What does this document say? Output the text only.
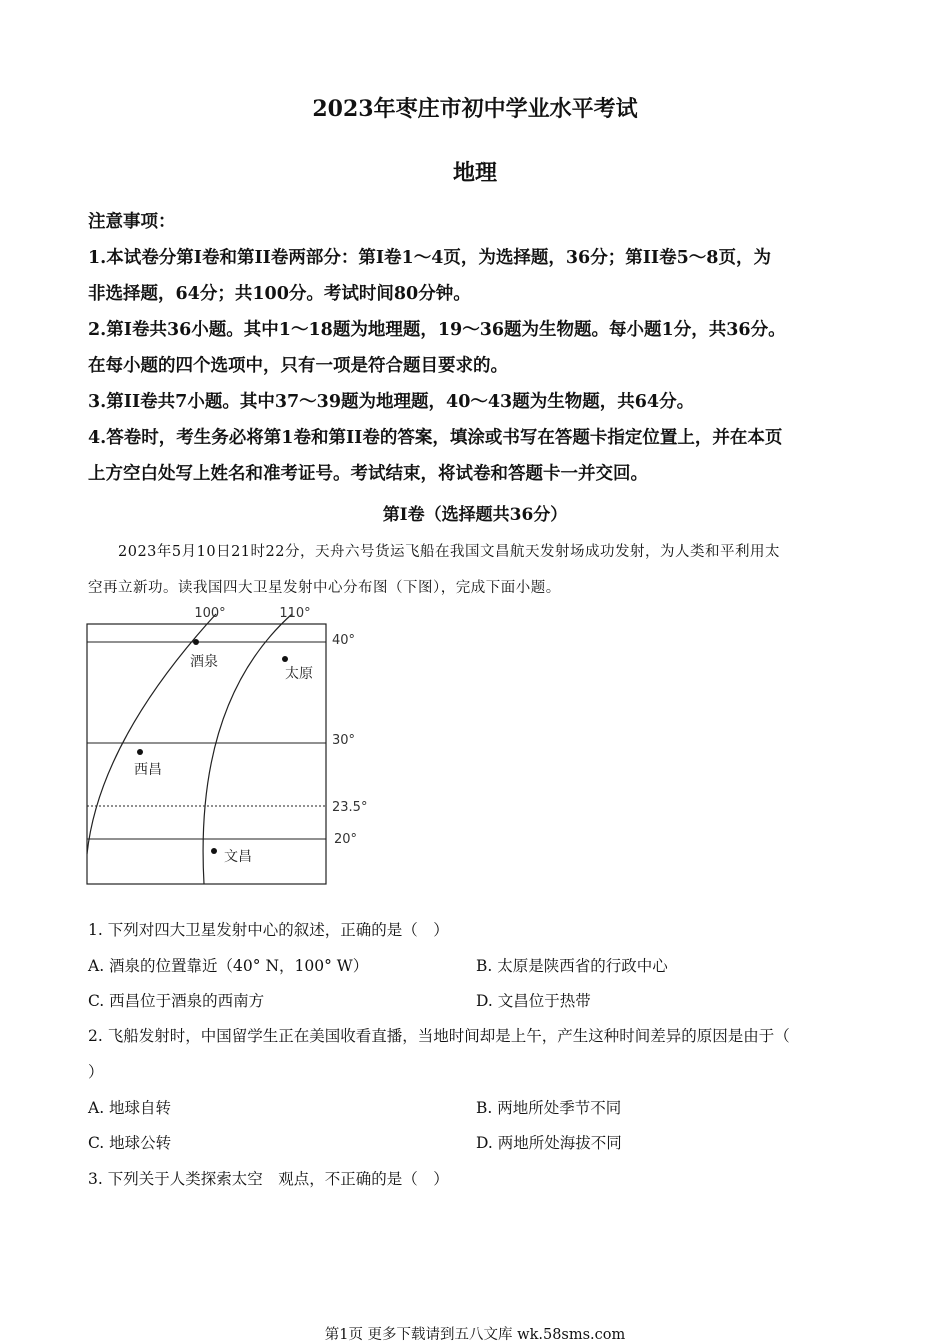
2023年枣庄市初中学业水平考试
地理

注意事项：

1.本试卷分第Ⅰ卷和第II卷两部分：第Ⅰ卷1～4页，为选择题，36分；第II卷5～8页，为

非选择题，64分；共100分。考试时间80分钟。

2.第Ⅰ卷共36小题。其中1～18题为地理题，19～36题为生物题。每小题1分，共36分。

在每小题的四个选项中，只有一项是符合题目要求的。

3.第II卷共7小题。其中37～39题为地理题，40～43题为生物题，共64分。

4.答卷时，考生务必将第1卷和第II卷的答案，填涂或书写在答题卡指定位置上，并在本页

上方空白处写上姓名和准考证号。考试结束，将试卷和答题卡一并交回。

第Ⅰ卷（选择题共36分）

2023年5月10日21时22分，天舟六号货运飞船在我国文昌航天发射场成功发射，为人类和平利用太

空再立新功。读我国四大卫星发射中心分布图（下图），完成下面小题。

100°	110°
40°
30°
23.5°
20°
酒泉
太原
西昌
文昌
1. 下列对四大卫星发射中心的叙述，正确的是（　）
A. 酒泉的位置靠近（40° N，100° W）	B. 太原是陕西省的行政中心
C. 西昌位于酒泉的西南方	D. 文昌位于热带
2. 飞船发射时，中国留学生正在美国收看直播，当地时间却是上午，产生这种时间差异的原因是由于（
）
A. 地球自转	B. 两地所处季节不同
C. 地球公转	D. 两地所处海拔不同
3. 下列关于人类探索太空　观点，不正确的是（　）
第1页 更多下载请到五八文库 wk.58sms.com
